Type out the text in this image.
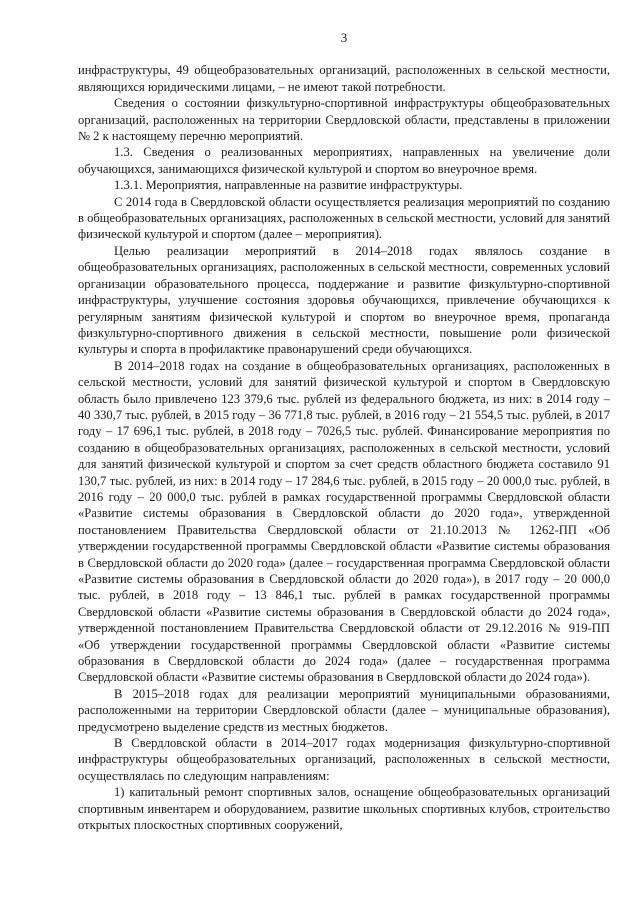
3

инфраструктуры, 49 общеобразовательных организаций, расположенных в сельской местности, являющихся юридическими лицами, – не имеют такой потребности.

Сведения о состоянии физкультурно-спортивной инфраструктуры общеобразовательных организаций, расположенных на территории Свердловской области, представлены в приложении № 2 к настоящему перечню мероприятий.

1.3. Сведения о реализованных мероприятиях, направленных на увеличение доли обучающихся, занимающихся физической культурой и спортом во внеурочное время.

1.3.1. Мероприятия, направленные на развитие инфраструктуры.

С 2014 года в Свердловской области осуществляется реализация мероприятий по созданию в общеобразовательных организациях, расположенных в сельской местности, условий для занятий физической культурой и спортом (далее – мероприятия).

Целью реализации мероприятий в 2014–2018 годах являлось создание в общеобразовательных организациях, расположенных в сельской местности, современных условий организации образовательного процесса, поддержание и развитие физкультурно-спортивной инфраструктуры, улучшение состояния здоровья обучающихся, привлечение обучающихся к регулярным занятиям физической культурой и спортом во внеурочное время, пропаганда физкультурно-спортивного движения в сельской местности, повышение роли физической культуры и спорта в профилактике правонарушений среди обучающихся.

В 2014–2018 годах на создание в общеобразовательных организациях, расположенных в сельской местности, условий для занятий физической культурой и спортом в Свердловскую область было привлечено 123 379,6 тыс. рублей из федерального бюджета, из них: в 2014 году – 40 330,7 тыс. рублей, в 2015 году – 36 771,8 тыс. рублей, в 2016 году – 21 554,5 тыс. рублей, в 2017 году – 17 696,1 тыс. рублей, в 2018 году – 7026,5 тыс. рублей. Финансирование мероприятия по созданию в общеобразовательных организациях, расположенных в сельской местности, условий для занятий физической культурой и спортом за счет средств областного бюджета составило 91 130,7 тыс. рублей, из них: в 2014 году – 17 284,6 тыс. рублей, в 2015 году – 20 000,0 тыс. рублей, в 2016 году – 20 000,0 тыс. рублей в рамках государственной программы Свердловской области «Развитие системы образования в Свердловской области до 2020 года», утвержденной постановлением Правительства Свердловской области от 21.10.2013 № 1262-ПП «Об утверждении государственной программы Свердловской области «Развитие системы образования в Свердловской области до 2020 года» (далее – государственная программа Свердловской области «Развитие системы образования в Свердловской области до 2020 года»), в 2017 году – 20 000,0 тыс. рублей, в 2018 году – 13 846,1 тыс. рублей в рамках государственной программы Свердловской области «Развитие системы образования в Свердловской области до 2024 года», утвержденной постановлением Правительства Свердловской области от 29.12.2016 № 919-ПП «Об утверждении государственной программы Свердловской области «Развитие системы образования в Свердловской области до 2024 года» (далее – государственная программа Свердловской области «Развитие системы образования в Свердловской области до 2024 года»).

В 2015–2018 годах для реализации мероприятий муниципальными образованиями, расположенными на территории Свердловской области (далее – муниципальные образования), предусмотрено выделение средств из местных бюджетов.

В Свердловской области в 2014–2017 годах модернизация физкультурно-спортивной инфраструктуры общеобразовательных организаций, расположенных в сельской местности, осуществлялась по следующим направлениям:

1) капитальный ремонт спортивных залов, оснащение общеобразовательных организаций спортивным инвентарем и оборудованием, развитие школьных спортивных клубов, строительство открытых плоскостных спортивных сооружений,
